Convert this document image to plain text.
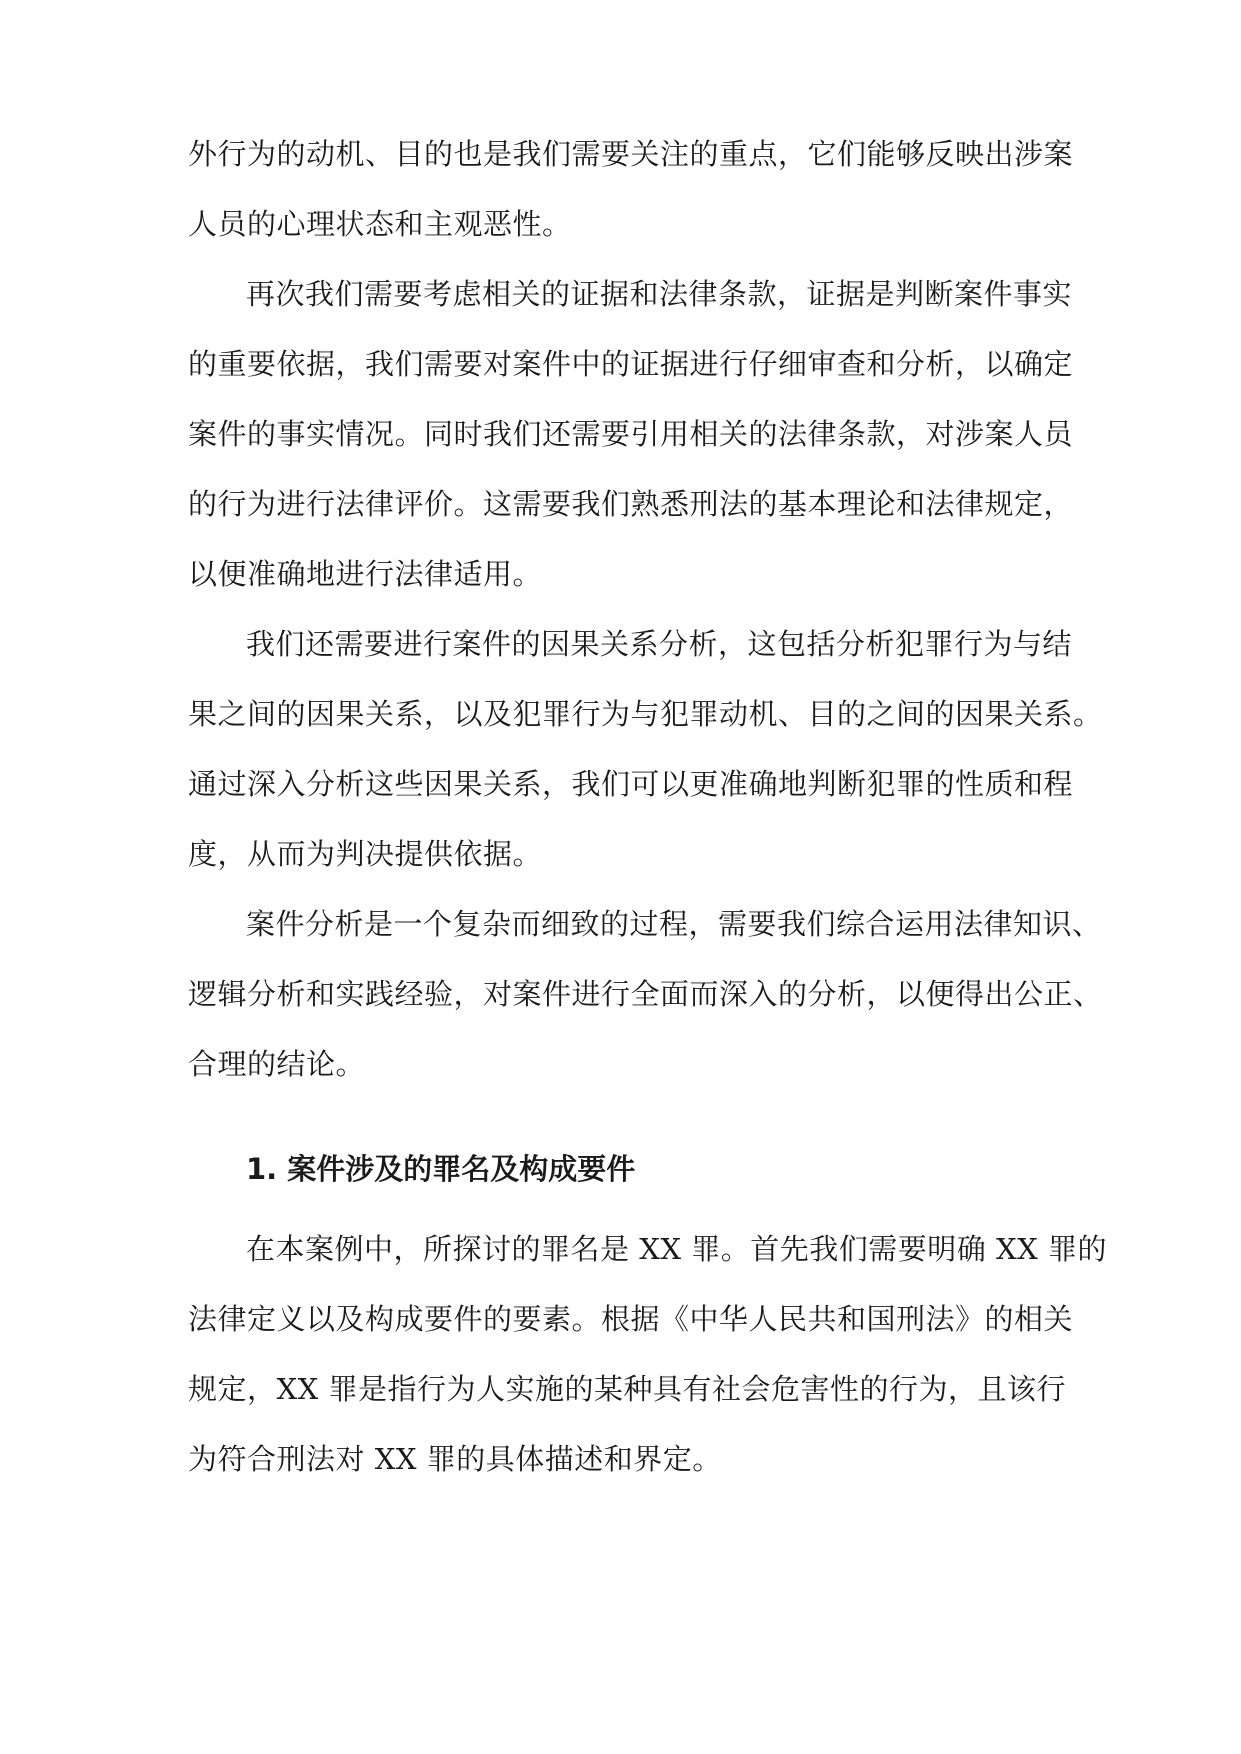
外行为的动机、目的也是我们需要关注的重点，它们能够反映出涉案
人员的心理状态和主观恶性。
再次我们需要考虑相关的证据和法律条款，证据是判断案件事实
的重要依据，我们需要对案件中的证据进行仔细审查和分析，以确定
案件的事实情况。同时我们还需要引用相关的法律条款，对涉案人员
的行为进行法律评价。这需要我们熟悉刑法的基本理论和法律规定，
以便准确地进行法律适用。
我们还需要进行案件的因果关系分析，这包括分析犯罪行为与结
果之间的因果关系，以及犯罪行为与犯罪动机、目的之间的因果关系。
通过深入分析这些因果关系，我们可以更准确地判断犯罪的性质和程
度，从而为判决提供依据。
案件分析是一个复杂而细致的过程，需要我们综合运用法律知识、
逻辑分析和实践经验，对案件进行全面而深入的分析，以便得出公正、
合理的结论。
1. 案件涉及的罪名及构成要件
在本案例中，所探讨的罪名是 XX 罪。首先我们需要明确 XX 罪的
法律定义以及构成要件的要素。根据《中华人民共和国刑法》的相关
规定，XX 罪是指行为人实施的某种具有社会危害性的行为，且该行
为符合刑法对 XX 罪的具体描述和界定。
